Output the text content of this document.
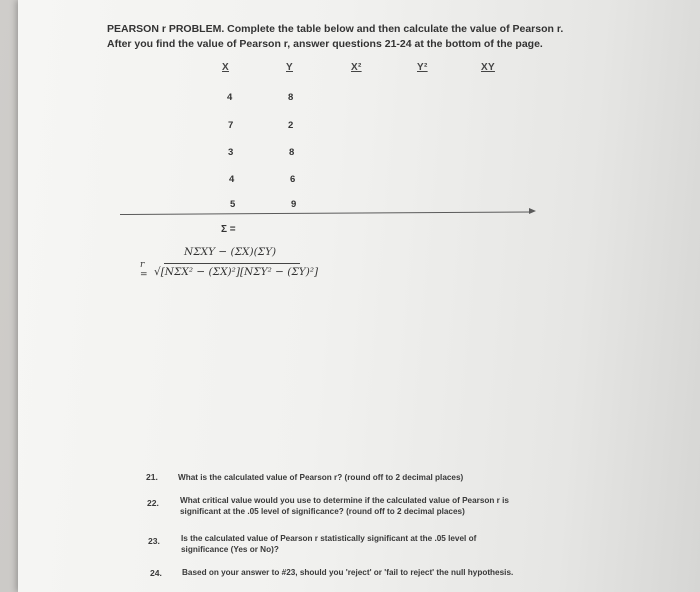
PEARSON r PROBLEM. Complete the table below and then calculate the value of Pearson r.
After you find the value of Pearson r, answer questions 21-24 at the bottom of the page.
X	Y	X²	Y²	XY
4	8
7	2
3	8
4	6
5	9
Σ =
r =
NΣXY − (ΣX)(ΣY)
√[NΣX² − (ΣX)²][NΣY² − (ΣY)²]
21. What is the calculated value of Pearson r? (round off to 2 decimal places)
22.	What critical value would you use to determine if the calculated value of Pearson r is significant at the .05 level of significance? (round off to 2 decimal places)
23.	Is the calculated value of Pearson r statistically significant at the .05 level of significance (Yes or No)?
24. Based on your answer to #23, should you 'reject' or 'fail to reject' the null hypothesis.
